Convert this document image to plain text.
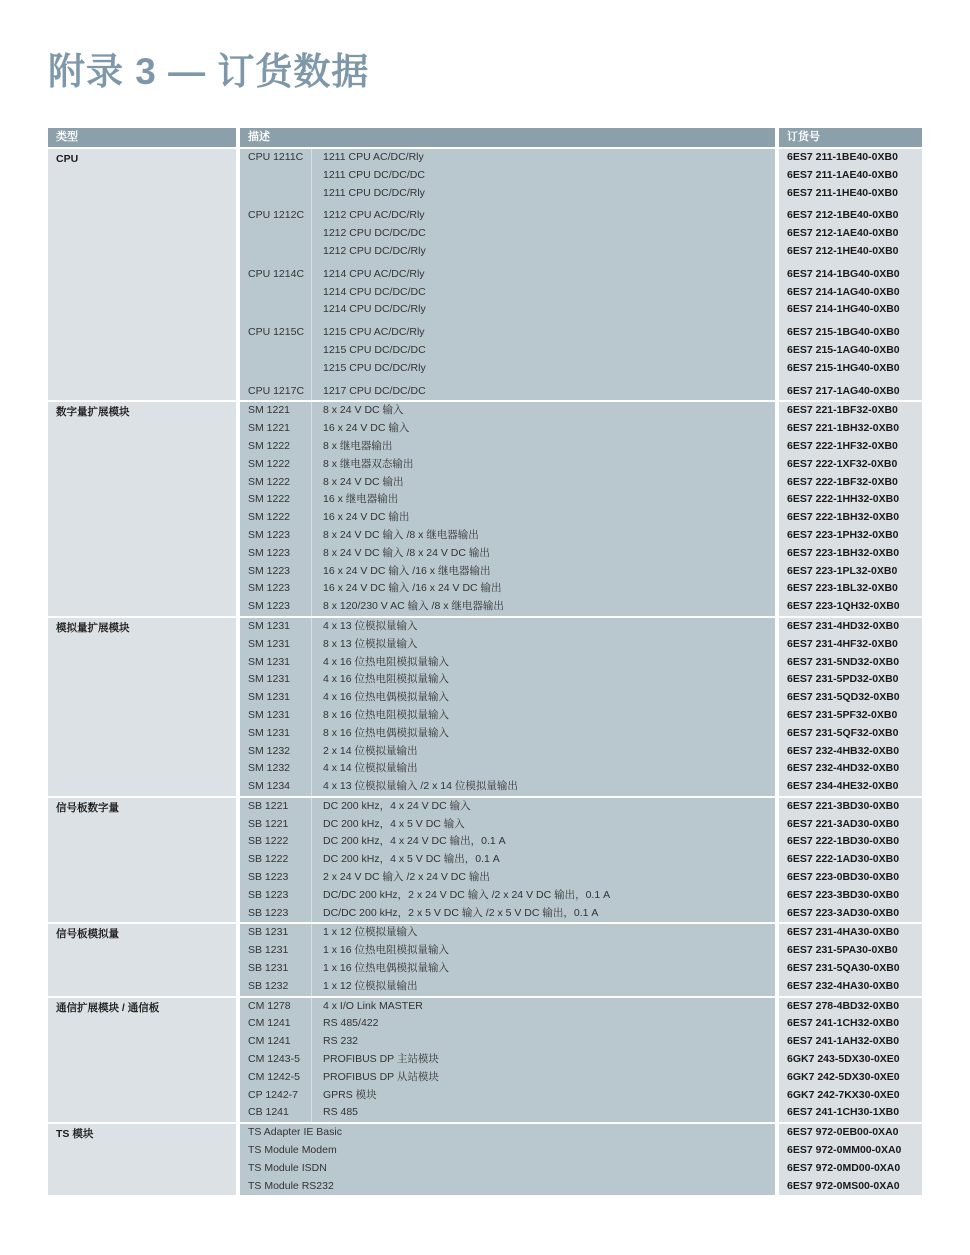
附录 3 — 订货数据
类型	描述	订货号
CPU	CPU 1211C	1211 CPU AC/DC/Rly	6ES7 211-1BE40-0XB0
1211 CPU DC/DC/DC	6ES7 211-1AE40-0XB0
1211 CPU DC/DC/Rly	6ES7 211-1HE40-0XB0
CPU 1212C	1212 CPU AC/DC/Rly	6ES7 212-1BE40-0XB0
1212 CPU DC/DC/DC	6ES7 212-1AE40-0XB0
1212 CPU DC/DC/Rly	6ES7 212-1HE40-0XB0
CPU 1214C	1214 CPU AC/DC/Rly	6ES7 214-1BG40-0XB0
1214 CPU DC/DC/DC	6ES7 214-1AG40-0XB0
1214 CPU DC/DC/Rly	6ES7 214-1HG40-0XB0
CPU 1215C	1215 CPU AC/DC/Rly	6ES7 215-1BG40-0XB0
1215 CPU DC/DC/DC	6ES7 215-1AG40-0XB0
1215 CPU DC/DC/Rly	6ES7 215-1HG40-0XB0
CPU 1217C	1217 CPU DC/DC/DC	6ES7 217-1AG40-0XB0
数字量扩展模块	SM 1221	8 x 24 V DC 输入	6ES7 221-1BF32-0XB0
SM 1221	16 x 24 V DC 输入	6ES7 221-1BH32-0XB0
SM 1222	8 x 继电器输出	6ES7 222-1HF32-0XB0
SM 1222	8 x 继电器双态输出	6ES7 222-1XF32-0XB0
SM 1222	8 x 24 V DC 输出	6ES7 222-1BF32-0XB0
SM 1222	16 x 继电器输出	6ES7 222-1HH32-0XB0
SM 1222	16 x 24 V DC 输出	6ES7 222-1BH32-0XB0
SM 1223	8 x 24 V DC 输入 /8 x 继电器输出	6ES7 223-1PH32-0XB0
SM 1223	8 x 24 V DC 输入 /8 x 24 V DC 输出	6ES7 223-1BH32-0XB0
SM 1223	16 x 24 V DC 输入 /16 x 继电器输出	6ES7 223-1PL32-0XB0
SM 1223	16 x 24 V DC 输入 /16 x 24 V DC 输出	6ES7 223-1BL32-0XB0
SM 1223	8 x 120/230 V AC 输入 /8 x 继电器输出	6ES7 223-1QH32-0XB0
模拟量扩展模块	SM 1231	4 x 13 位模拟量输入	6ES7 231-4HD32-0XB0
SM 1231	8 x 13 位模拟量输入	6ES7 231-4HF32-0XB0
SM 1231	4 x 16 位热电阻模拟量输入	6ES7 231-5ND32-0XB0
SM 1231	4 x 16 位热电阻模拟量输入	6ES7 231-5PD32-0XB0
SM 1231	4 x 16 位热电偶模拟量输入	6ES7 231-5QD32-0XB0
SM 1231	8 x 16 位热电阻模拟量输入	6ES7 231-5PF32-0XB0
SM 1231	8 x 16 位热电偶模拟量输入	6ES7 231-5QF32-0XB0
SM 1232	2 x 14 位模拟量输出	6ES7 232-4HB32-0XB0
SM 1232	4 x 14 位模拟量输出	6ES7 232-4HD32-0XB0
SM 1234	4 x 13 位模拟量输入 /2 x 14 位模拟量输出	6ES7 234-4HE32-0XB0
信号板数字量	SB 1221	DC 200 kHz，4 x 24 V DC 输入	6ES7 221-3BD30-0XB0
SB 1221	DC 200 kHz，4 x 5 V DC 输入	6ES7 221-3AD30-0XB0
SB 1222	DC 200 kHz，4 x 24 V DC 输出，0.1 A	6ES7 222-1BD30-0XB0
SB 1222	DC 200 kHz，4 x 5 V DC 输出，0.1 A	6ES7 222-1AD30-0XB0
SB 1223	2 x 24 V DC 输入 /2 x 24 V DC 输出	6ES7 223-0BD30-0XB0
SB 1223	DC/DC 200 kHz，2 x 24 V DC 输入 /2 x 24 V DC 输出，0.1 A	6ES7 223-3BD30-0XB0
SB 1223	DC/DC 200 kHz，2 x 5 V DC 输入 /2 x 5 V DC 输出，0.1 A	6ES7 223-3AD30-0XB0
信号板模拟量	SB 1231	1 x 12 位模拟量输入	6ES7 231-4HA30-0XB0
SB 1231	1 x 16 位热电阻模拟量输入	6ES7 231-5PA30-0XB0
SB 1231	1 x 16 位热电偶模拟量输入	6ES7 231-5QA30-0XB0
SB 1232	1 x 12 位模拟量输出	6ES7 232-4HA30-0XB0
通信扩展模块 / 通信板	CM 1278	4 x I/O Link MASTER	6ES7 278-4BD32-0XB0
CM 1241	RS 485/422	6ES7 241-1CH32-0XB0
CM 1241	RS 232	6ES7 241-1AH32-0XB0
CM 1243-5	PROFIBUS DP 主站模块	6GK7 243-5DX30-0XE0
CM 1242-5	PROFIBUS DP 从站模块	6GK7 242-5DX30-0XE0
CP 1242-7	GPRS 模块	6GK7 242-7KX30-0XE0
CB 1241	RS 485	6ES7 241-1CH30-1XB0
TS 模块	TS Adapter IE Basic	6ES7 972-0EB00-0XA0
TS Module Modem	6ES7 972-0MM00-0XA0
TS Module ISDN	6ES7 972-0MD00-0XA0
TS Module RS232	6ES7 972-0MS00-0XA0
